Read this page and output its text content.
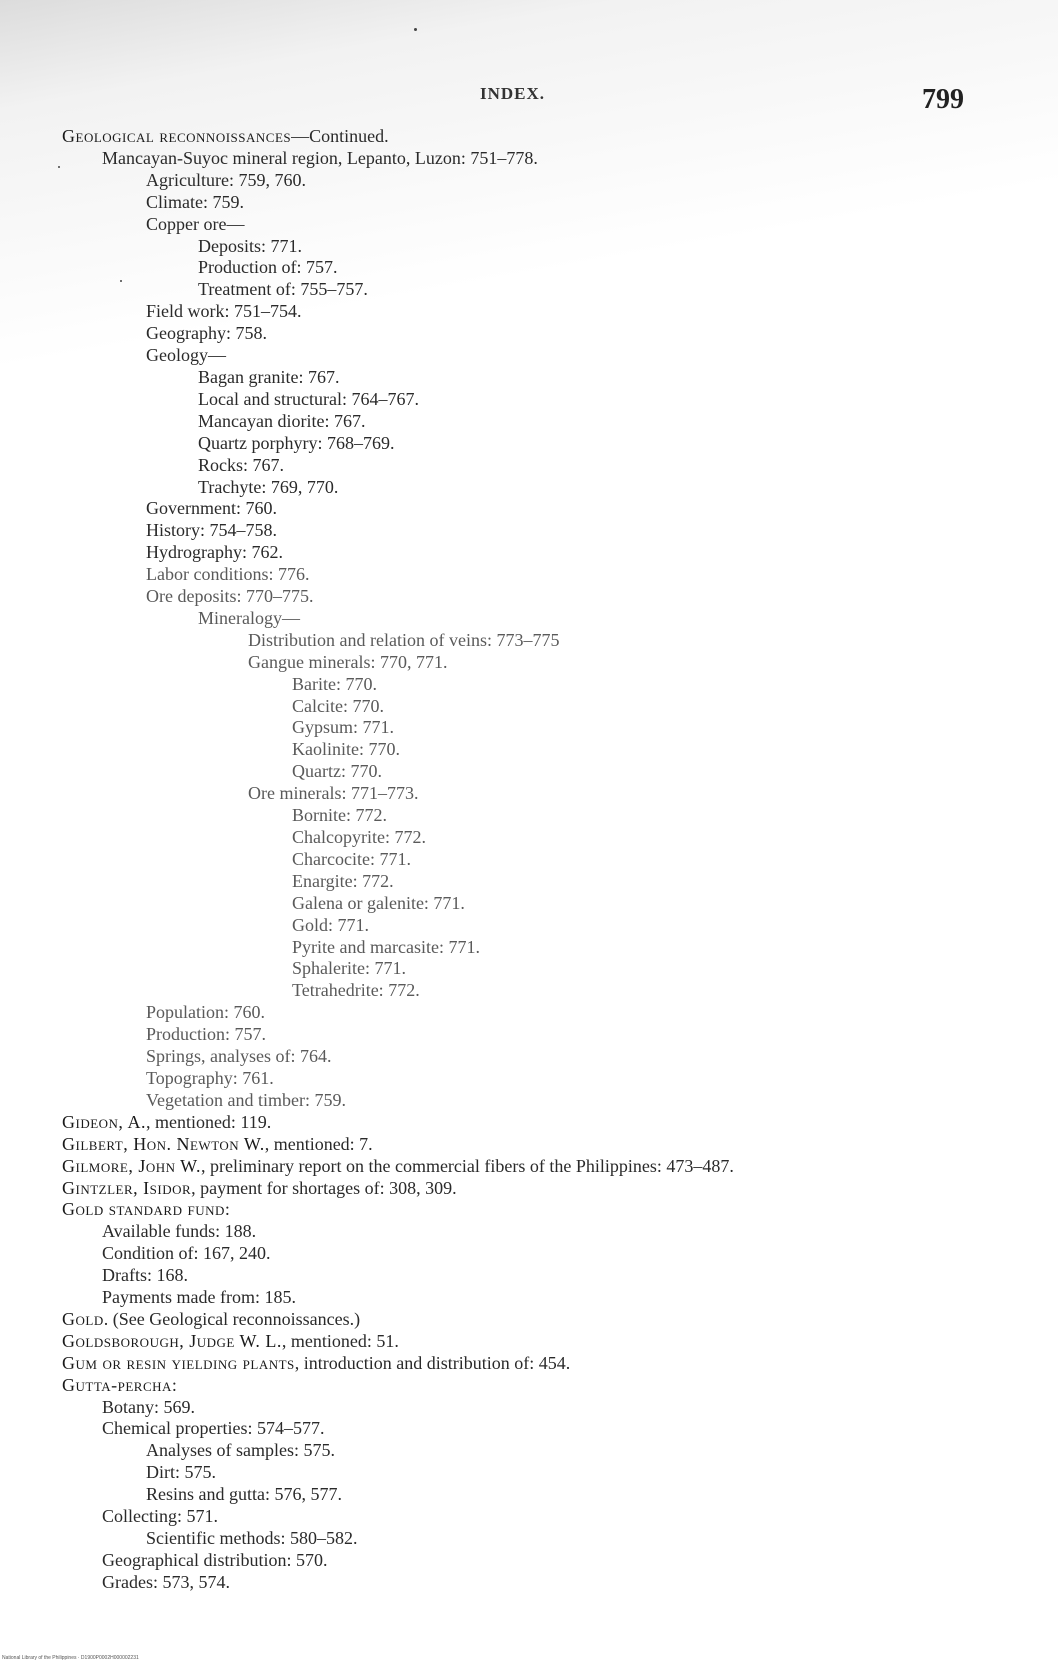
INDEX.	799
Geological reconnoissances—Continued.
Mancayan-Suyoc mineral region, Lepanto, Luzon: 751–778.
Agriculture: 759, 760.
Climate: 759.
Copper ore—
Deposits: 771.
Production of: 757.
Treatment of: 755–757.
Field work: 751–754.
Geography: 758.
Geology—
Bagan granite: 767.
Local and structural: 764–767.
Mancayan diorite: 767.
Quartz porphyry: 768–769.
Rocks: 767.
Trachyte: 769, 770.
Government: 760.
History: 754–758.
Hydrography: 762.
Labor conditions: 776.
Ore deposits: 770–775.
Mineralogy—
Distribution and relation of veins: 773–775
Gangue minerals: 770, 771.
Barite: 770.
Calcite: 770.
Gypsum: 771.
Kaolinite: 770.
Quartz: 770.
Ore minerals: 771–773.
Bornite: 772.
Chalcopyrite: 772.
Charcocite: 771.
Enargite: 772.
Galena or galenite: 771.
Gold: 771.
Pyrite and marcasite: 771.
Sphalerite: 771.
Tetrahedrite: 772.
Population: 760.
Production: 757.
Springs, analyses of: 764.
Topography: 761.
Vegetation and timber: 759.
Gideon, A., mentioned: 119.
Gilbert, Hon. Newton W., mentioned: 7.
Gilmore, John W., preliminary report on the commercial fibers of the Philippines: 473–487.
Gintzler, Isidor, payment for shortages of: 308, 309.
Gold standard fund:
Available funds: 188.
Condition of: 167, 240.
Drafts: 168.
Payments made from: 185.
Gold. (See Geological reconnoissances.)
Goldsborough, Judge W. L., mentioned: 51.
Gum or resin yielding plants, introduction and distribution of: 454.
Gutta-percha:
Botany: 569.
Chemical properties: 574–577.
Analyses of samples: 575.
Dirt: 575.
Resins and gutta: 576, 577.
Collecting: 571.
Scientific methods: 580–582.
Geographical distribution: 570.
Grades: 573, 574.
National Library of the Philippines · D1900P0002H000002231
